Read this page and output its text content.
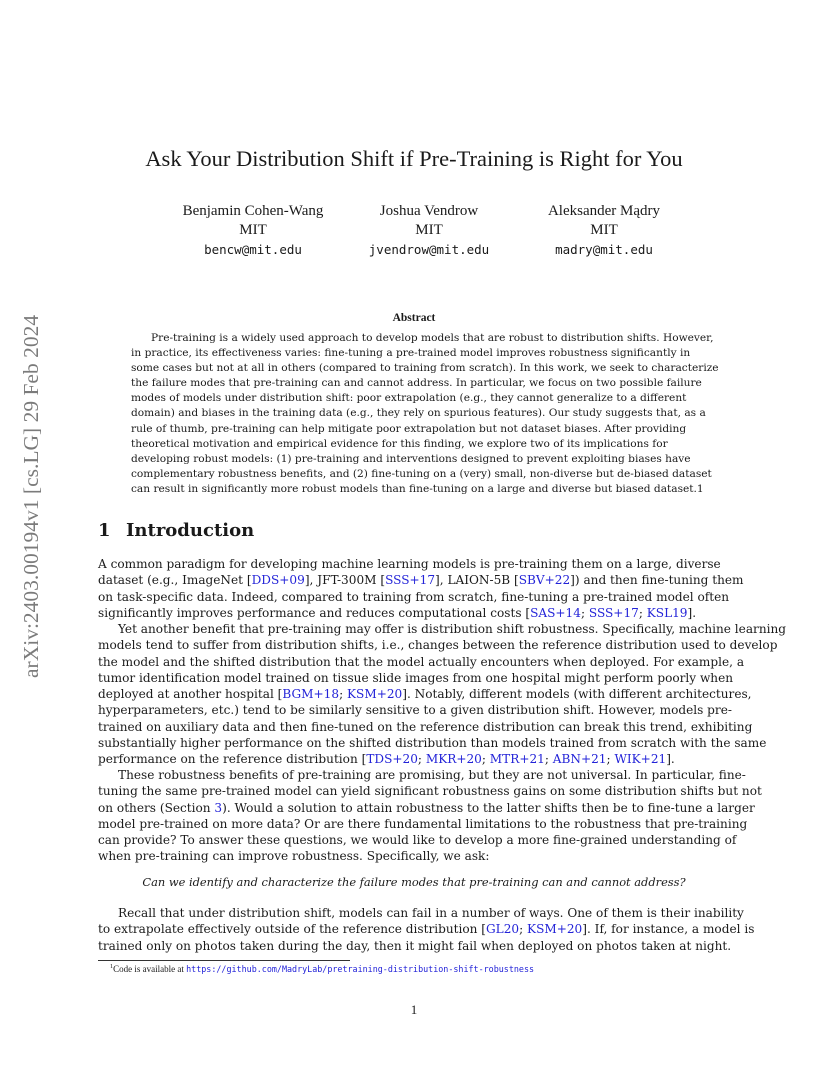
arXiv:2403.00194v1 [cs.LG] 29 Feb 2024
Ask Your Distribution Shift if Pre-Training is Right for You
Benjamin Cohen-Wang
MIT
bencw@mit.edu
Joshua Vendrow
MIT
jvendrow@mit.edu
Aleksander Mądry
MIT
madry@mit.edu
Abstract
Pre-training is a widely used approach to develop models that are robust to distribution shifts. However,
in practice, its effectiveness varies: fine-tuning a pre-trained model improves robustness significantly in
some cases but not at all in others (compared to training from scratch). In this work, we seek to characterize
the failure modes that pre-training can and cannot address. In particular, we focus on two possible failure
modes of models under distribution shift: poor extrapolation (e.g., they cannot generalize to a different
domain) and biases in the training data (e.g., they rely on spurious features). Our study suggests that, as a
rule of thumb, pre-training can help mitigate poor extrapolation but not dataset biases. After providing
theoretical motivation and empirical evidence for this finding, we explore two of its implications for
developing robust models: (1) pre-training and interventions designed to prevent exploiting biases have
complementary robustness benefits, and (2) fine-tuning on a (very) small, non-diverse but de-biased dataset
can result in significantly more robust models than fine-tuning on a large and diverse but biased dataset.1
1 Introduction
A common paradigm for developing machine learning models is pre-training them on a large, diverse
dataset (e.g., ImageNet [DDS+09], JFT-300M [SSS+17], LAION-5B [SBV+22]) and then fine-tuning them
on task-specific data. Indeed, compared to training from scratch, fine-tuning a pre-trained model often
significantly improves performance and reduces computational costs [SAS+14; SSS+17; KSL19].
Yet another benefit that pre-training may offer is distribution shift robustness. Specifically, machine learning
models tend to suffer from distribution shifts, i.e., changes between the reference distribution used to develop
the model and the shifted distribution that the model actually encounters when deployed. For example, a
tumor identification model trained on tissue slide images from one hospital might perform poorly when
deployed at another hospital [BGM+18; KSM+20]. Notably, different models (with different architectures,
hyperparameters, etc.) tend to be similarly sensitive to a given distribution shift. However, models pre-
trained on auxiliary data and then fine-tuned on the reference distribution can break this trend, exhibiting
substantially higher performance on the shifted distribution than models trained from scratch with the same
performance on the reference distribution [TDS+20; MKR+20; MTR+21; ABN+21; WIK+21].
These robustness benefits of pre-training are promising, but they are not universal. In particular, fine-
tuning the same pre-trained model can yield significant robustness gains on some distribution shifts but not
on others (Section 3). Would a solution to attain robustness to the latter shifts then be to fine-tune a larger
model pre-trained on more data? Or are there fundamental limitations to the robustness that pre-training
can provide? To answer these questions, we would like to develop a more fine-grained understanding of
when pre-training can improve robustness. Specifically, we ask:
Can we identify and characterize the failure modes that pre-training can and cannot address?
Recall that under distribution shift, models can fail in a number of ways. One of them is their inability
to extrapolate effectively outside of the reference distribution [GL20; KSM+20]. If, for instance, a model is
trained only on photos taken during the day, then it might fail when deployed on photos taken at night.
$^1$Code is available at https://github.com/MadryLab/pretraining-distribution-shift-robustness
1
